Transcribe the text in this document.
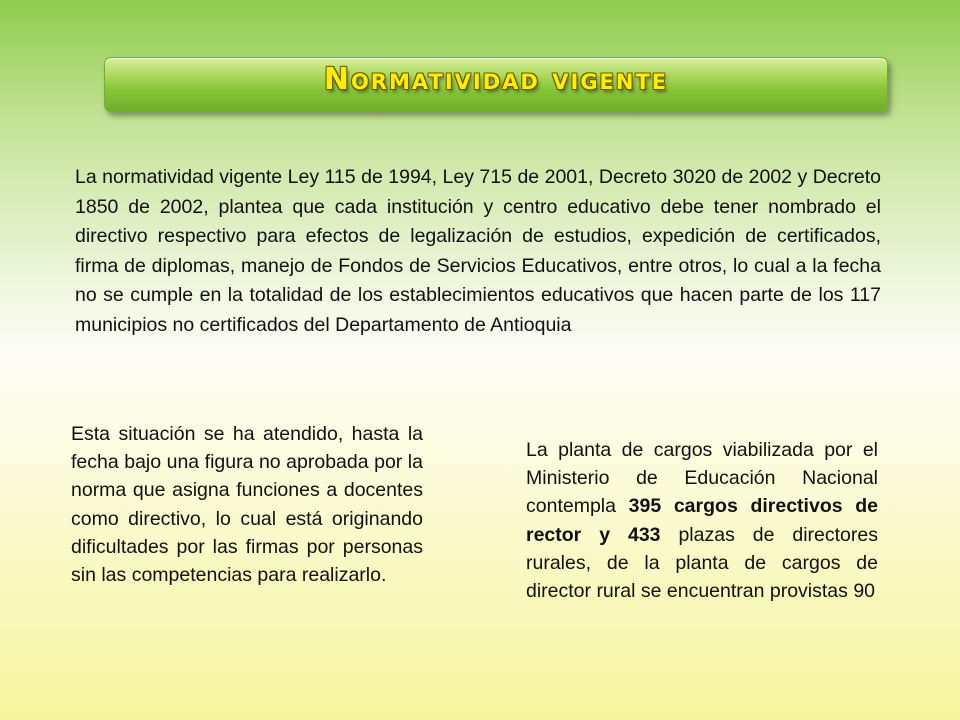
Normatividad vigente
La normatividad vigente Ley 115 de 1994, Ley 715 de 2001, Decreto 3020 de 2002 y Decreto 1850 de 2002, plantea que cada institución y centro educativo debe tener nombrado el directivo respectivo para efectos de legalización de estudios, expedición de certificados, firma de diplomas, manejo de Fondos de Servicios Educativos, entre otros, lo cual a la fecha no se cumple en la totalidad de los establecimientos educativos que hacen parte de los 117 municipios no certificados del Departamento de Antioquia
Esta situación se ha atendido, hasta la fecha bajo una figura no aprobada por la norma que asigna funciones a docentes como directivo, lo cual está originando dificultades por las firmas por personas sin las competencias para realizarlo.
La planta de cargos viabilizada por el Ministerio de Educación Nacional contempla 395 cargos directivos de rector y 433 plazas de directores rurales, de la planta de cargos de director rural se encuentran provistas 90
